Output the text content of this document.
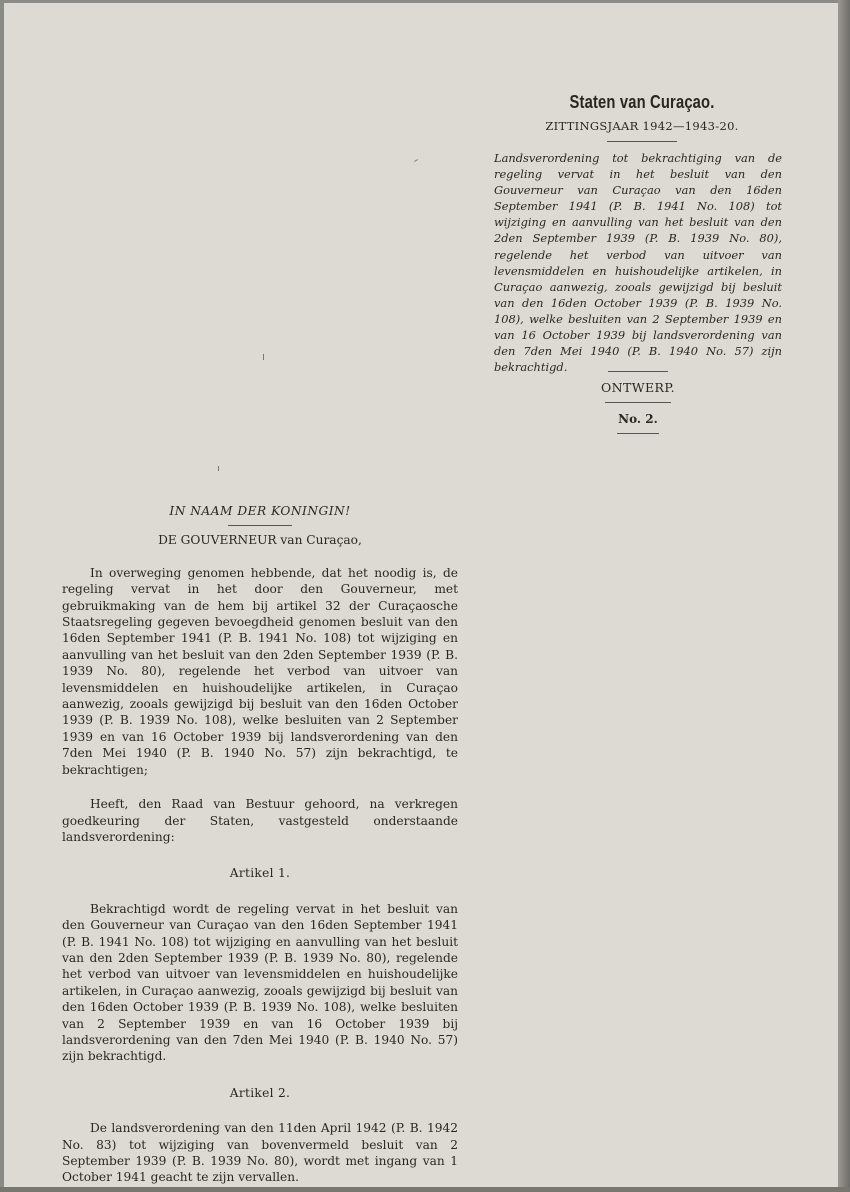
Staten van Curaçao.
ZITTINGSJAAR 1942—1943-20.

Landsverordening tot bekrachtiging van de regeling vervat in het besluit van den Gouverneur van Curaçao van den 16den September 1941 (P. B. 1941 No. 108) tot wijziging en aanvulling van het besluit van den 2den September 1939 (P. B. 1939 No. 80), regelende het verbod van uitvoer van levensmiddelen en huishoudelijke artikelen, in Curaçao aanwezig, zooals gewijzigd bij besluit van den 16den October 1939 (P. B. 1939 No. 108), welke besluiten van 2 September 1939 en van 16 October 1939 bij landsverordening van den 7den Mei 1940 (P. B. 1940 No. 57) zijn bekrachtigd.

ONTWERP.
No. 2.

IN NAAM DER KONINGIN!

DE GOUVERNEUR van Curaçao,

In overweging genomen hebbende, dat het noodig is, de regeling vervat in het door den Gouverneur, met gebruikmaking van de hem bij artikel 32 der Curaçaosche Staatsregeling gegeven bevoegdheid genomen besluit van den 16den September 1941 (P. B. 1941 No. 108) tot wijziging en aanvulling van het besluit van den 2den September 1939 (P. B. 1939 No. 80), regelende het verbod van uitvoer van levensmiddelen en huishoudelijke artikelen, in Curaçao aanwezig, zooals gewijzigd bij besluit van den 16den October 1939 (P. B. 1939 No. 108), welke besluiten van 2 September 1939 en van 16 October 1939 bij landsverordening van den 7den Mei 1940 (P. B. 1940 No. 57) zijn bekrachtigd, te bekrachtigen;

Heeft, den Raad van Bestuur gehoord, na verkregen goedkeuring der Staten, vastgesteld onderstaande landsverordening:

Artikel 1.

Bekrachtigd wordt de regeling vervat in het besluit van den Gouverneur van Curaçao van den 16den September 1941 (P. B. 1941 No. 108) tot wijziging en aanvulling van het besluit van den 2den September 1939 (P. B. 1939 No. 80), regelende het verbod van uitvoer van levensmiddelen en huishoudelijke artikelen, in Curaçao aanwezig, zooals gewijzigd bij besluit van den 16den October 1939 (P. B. 1939 No. 108), welke besluiten van 2 September 1939 en van 16 October 1939 bij landsverordening van den 7den Mei 1940 (P. B. 1940 No. 57) zijn bekrachtigd.

Artikel 2.

De landsverordening van den 11den April 1942 (P. B. 1942 No. 83) tot wijziging van bovenvermeld besluit van 2 September 1939 (P. B. 1939 No. 80), wordt met ingang van 1 October 1941 geacht te zijn vervallen.
